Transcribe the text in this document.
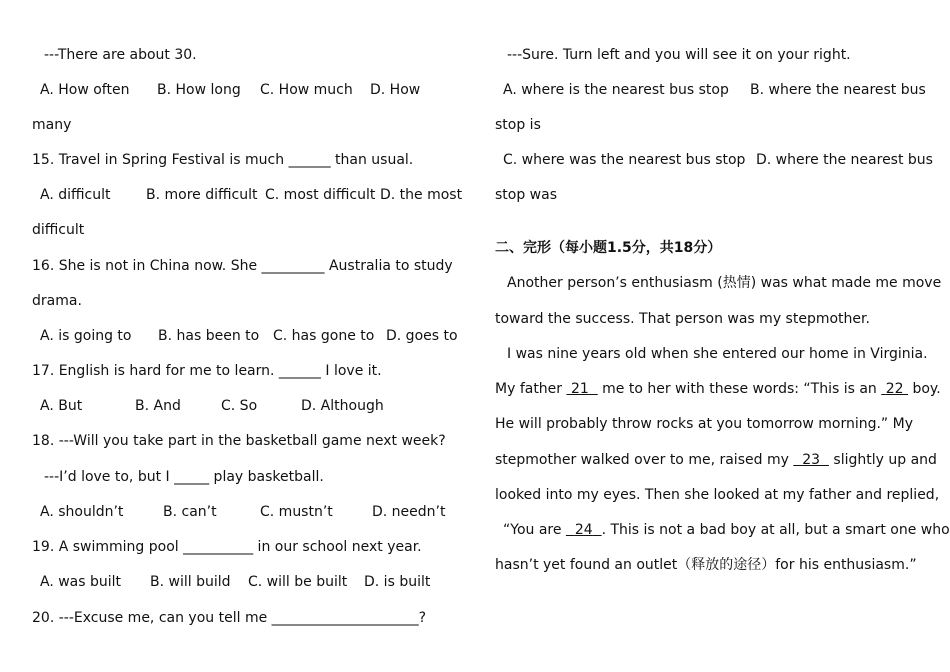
---There are about 30.
A. How often B. How long C. How much D. How
many
15. Travel in Spring Festival is much ______ than usual.
A. difficult	B. more difficult C. most difficult D. the most
difficult
16. She is not in China now. She _________ Australia to study
drama.
A. is going to B. has been to C. has gone to D. goes to
17. English is hard for me to learn. ______ I love it.
A. But	B. And	C. So	D. Although
18. ---Will you take part in the basketball game next week?
---I’d love to, but I _____ play basketball.
A. shouldn’t	B. can’t	C. mustn’t	D. needn’t
19. A swimming pool __________ in our school next year.
A. was built B. will build C. will be built D. is built
20. ---Excuse me, can you tell me _____________________?
---Sure. Turn left and you will see it on your right.
A. where is the nearest bus stop B. where the nearest bus
stop is
C. where was the nearest bus stop D. where the nearest bus
stop was
二、完形（每小题1.5分，共18分）
Another person’s enthusiasm (热情) was what made me move
toward the success. That person was my stepmother.
I was nine years old when she entered our home in Virginia.
My father  21   me to her with these words: “This is an  22  boy.
He will probably throw rocks at you tomorrow morning.” My
stepmother walked over to me, raised my   23   slightly up and
looked into my eyes. Then she looked at my father and replied,
“You are   24 . This is not a bad boy at all, but a smart one who
hasn’t yet found an outlet（释放的途径）for his enthusiasm.”
